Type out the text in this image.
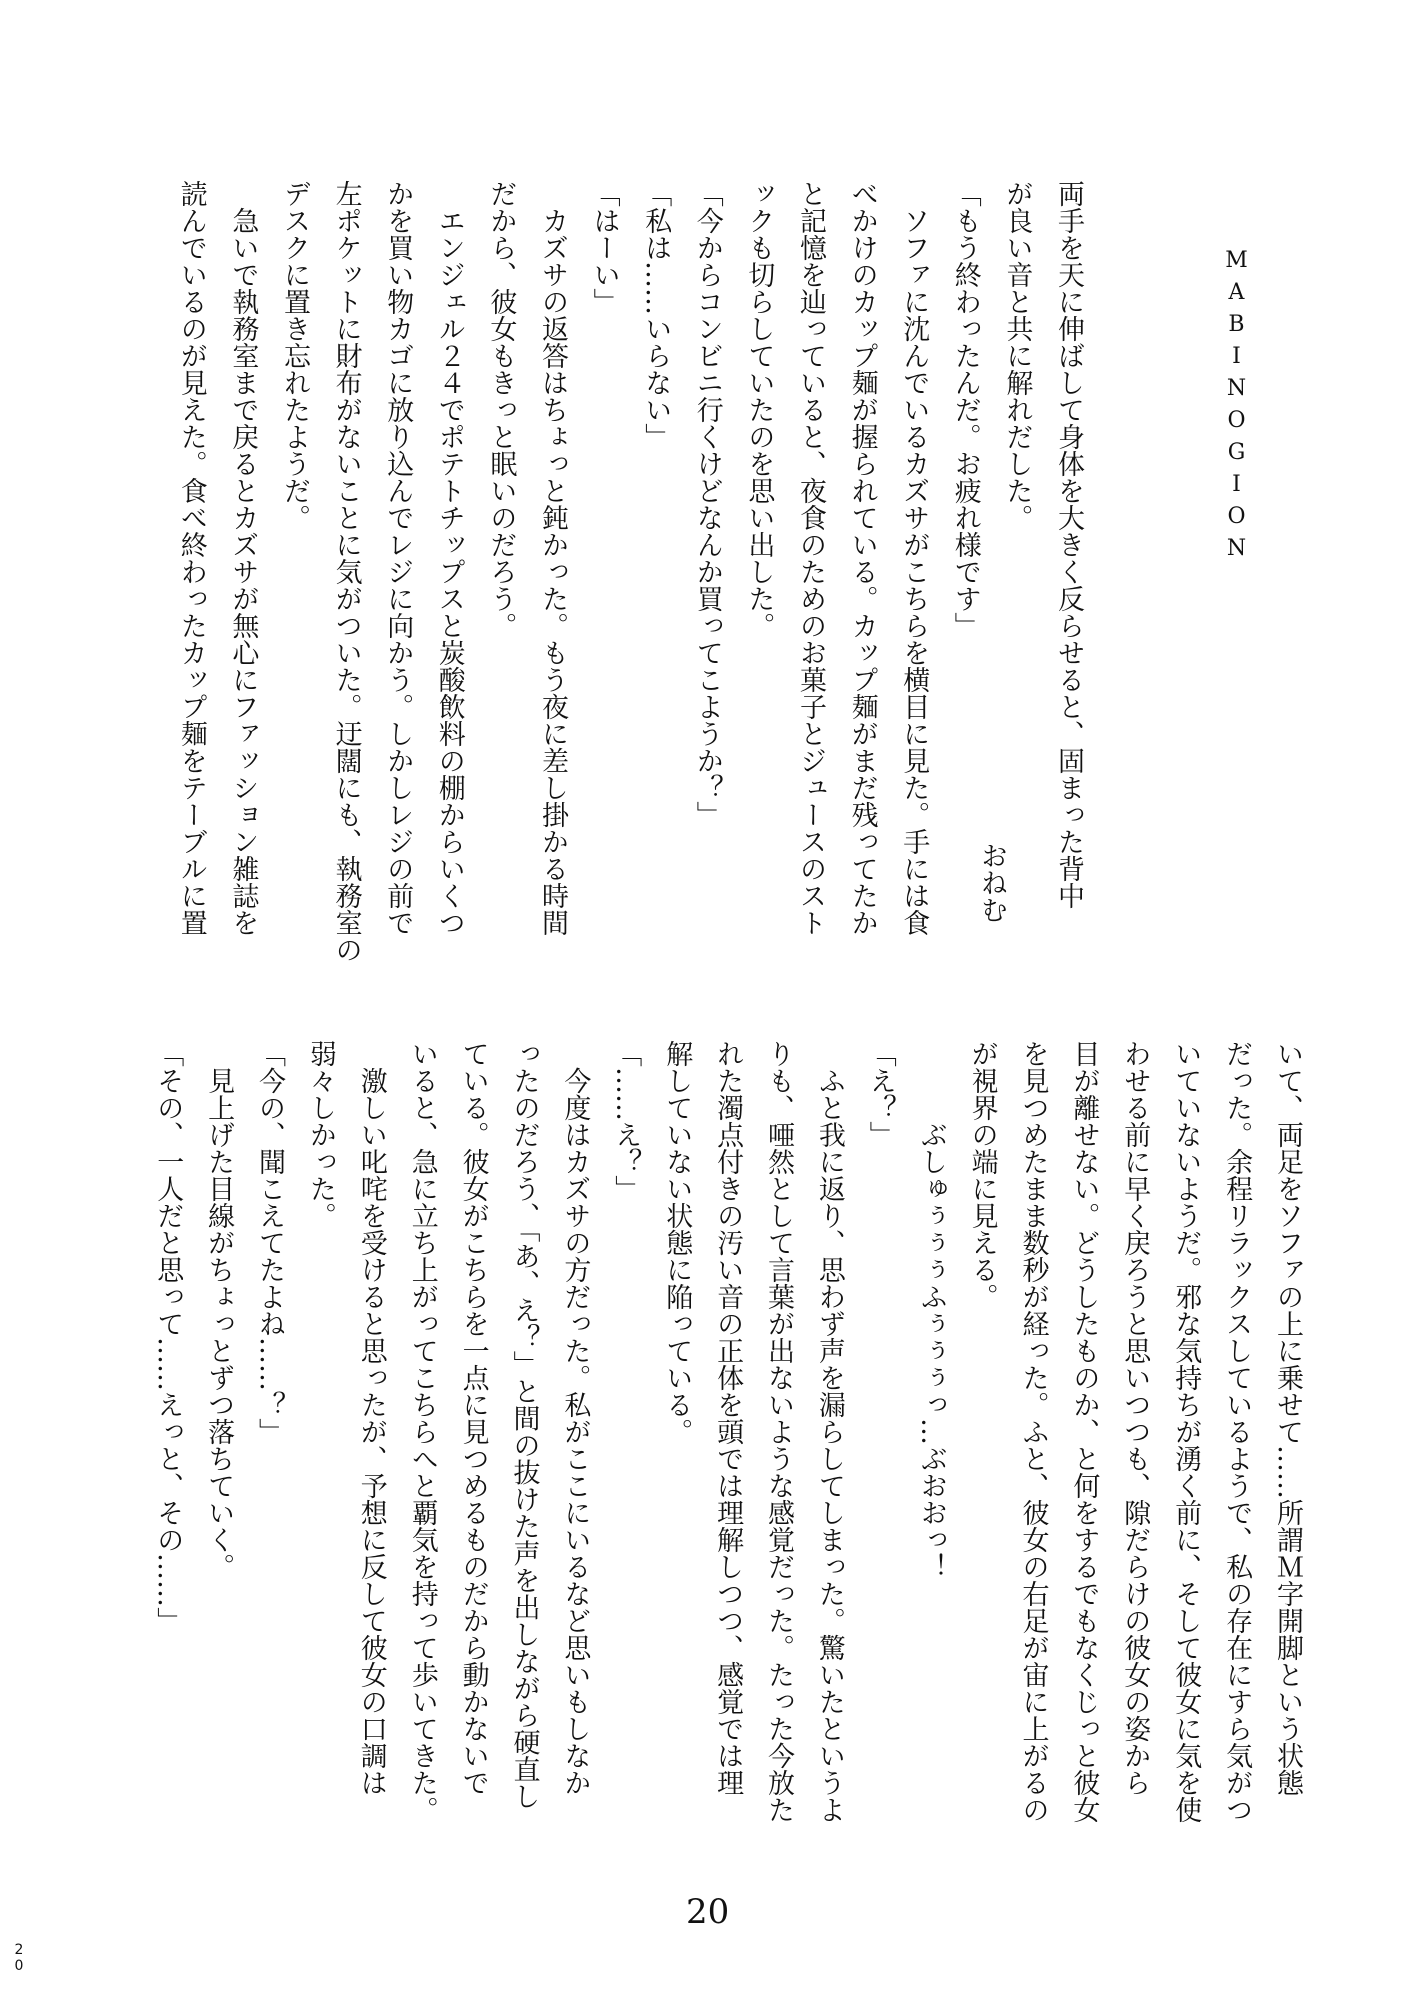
MABINOGION
おねむ 両手を天に伸ばして身体を大きく反らせると、固まった背中
が良い音と共に解れだした。
「もう終わったんだ。お疲れ様です」
　ソファに沈んでいるカズサがこちらを横目に見た。手には食
べかけのカップ麺が握られている。カップ麺がまだ残ってたか
と記憶を辿っていると、夜食のためのお菓子とジュースのスト
ックも切らしていたのを思い出した。
「今からコンビニ行くけどなんか買ってこようか？」
「私は……いらない」
「はーい」
　カズサの返答はちょっと鈍かった。もう夜に差し掛かる時間
だから、彼女もきっと眠いのだろう。
　エンジェル２４でポテトチップスと炭酸飲料の棚からいくつ
かを買い物カゴに放り込んでレジに向かう。しかしレジの前で
左ポケットに財布がないことに気がついた。迂闊にも、執務室の
デスクに置き忘れたようだ。
　急いで執務室まで戻るとカズサが無心にファッション雑誌を
読んでいるのが見えた。食べ終わったカップ麺をテーブルに置
いて、両足をソファの上に乗せて……所謂Ｍ字開脚という状態
だった。余程リラックスしているようで、私の存在にすら気がつ
いていないようだ。邪な気持ちが湧く前に、そして彼女に気を使
わせる前に早く戻ろうと思いつつも、隙だらけの彼女の姿から
目が離せない。どうしたものか、と何をするでもなくじっと彼女
を見つめたまま数秒が経った。ふと、彼女の右足が宙に上がるの
が視界の端に見える。
　　　ぶしゅぅぅぅふぅぅぅっ…ぶおおっ！
「え？」
　ふと我に返り、思わず声を漏らしてしまった。驚いたというよ
りも、唖然として言葉が出ないような感覚だった。たった今放た
れた濁点付きの汚い音の正体を頭では理解しつつ、感覚では理
解していない状態に陥っている。
「……え？」
　今度はカズサの方だった。私がここにいるなど思いもしなか
ったのだろう、「あ、え？」と間の抜けた声を出しながら硬直し
ている。彼女がこちらを一点に見つめるものだから動かないで
いると、急に立ち上がってこちらへと覇気を持って歩いてきた。
　激しい叱咤を受けると思ったが、予想に反して彼女の口調は
弱々しかった。
「今の、聞こえてたよね……？」
　見上げた目線がちょっとずつ落ちていく。
「その、一人だと思って……えっと、その……」
20
20
